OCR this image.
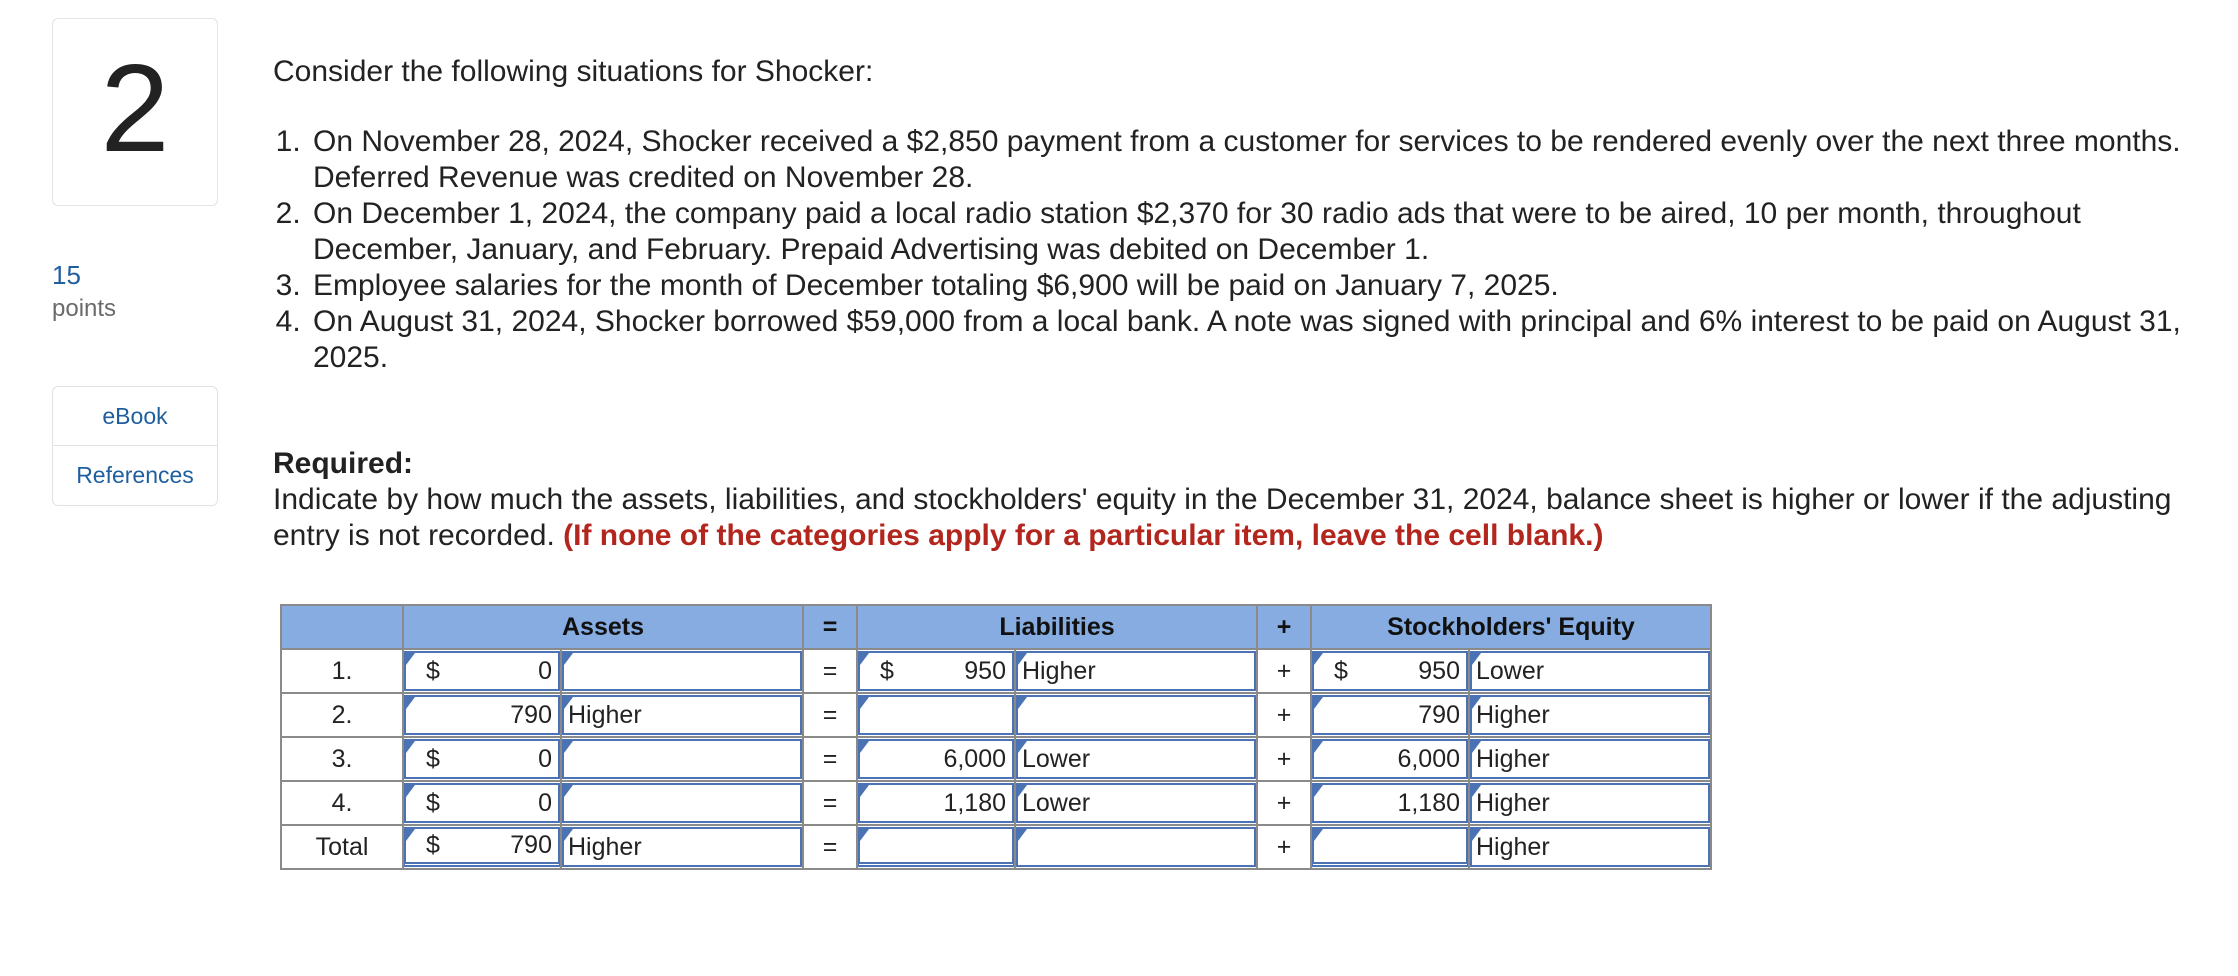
2
15
points
eBook
References

Consider the following situations for Shocker:

1. On November 28, 2024, Shocker received a $2,850 payment from a customer for services to be rendered evenly over the next three months. Deferred Revenue was credited on November 28.
2. On December 1, 2024, the company paid a local radio station $2,370 for 30 radio ads that were to be aired, 10 per month, throughout December, January, and February. Prepaid Advertising was debited on December 1.
3. Employee salaries for the month of December totaling $6,900 will be paid on January 7, 2025.
4. On August 31, 2024, Shocker borrowed $59,000 from a local bank. A note was signed with principal and 6% interest to be paid on August 31, 2025.
Required:
Indicate by how much the assets, liabilities, and stockholders' equity in the December 31, 2024, balance sheet is higher or lower if the adjusting entry is not recorded. (If none of the categories apply for a particular item, leave the cell blank.)
	Assets		=	Liabilities		+	Stockholders' Equity	
1.	$ 0		=	$ 950	Higher	+	$ 950	Lower

2.	790	Higher	=			+	790	Higher

3.	$ 0		=	6,000	Lower	+	6,000	Higher

4.	$ 0		=	1,180	Lower	+	1,180	Higher

Total	$ 790	Higher	=			+		Higher
